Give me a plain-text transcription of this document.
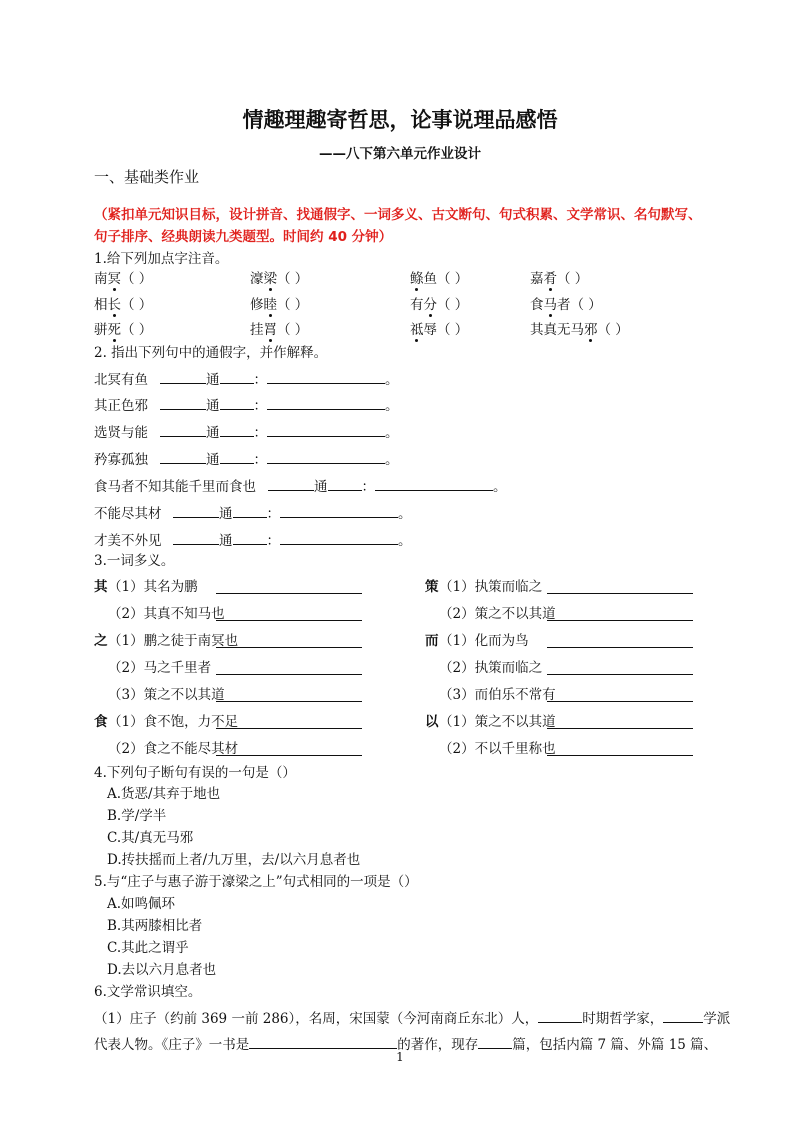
情趣理趣寄哲思，论事说理品感悟
——八下第六单元作业设计
一、基础类作业
（紧扣单元知识目标，设计拼音、找通假字、一词多义、古文断句、句式积累、文学常识、名句默写、
句子排序、经典朗读九类题型。时间约 40 分钟）
1.给下列加点字注音。
南冥（ ）	濠梁（ ）	鲦鱼（ ）	嘉肴（ ）
相长（ ）	修睦（ ）	有分（ ）	食马者（ ）
骈死（ ）	挂罥（ ）	祗辱（ ）	其真无马邪（ ）
2. 指出下列句中的通假字，并作解释。
北冥有鱼	通	：	。
其正色邪	通	：	。
选贤与能	通	：	。
矜寡孤独	通	：	。
食马者不知其能千里而食也	通	：	。
不能尽其材	通	：	。
才美不外见	通	：	。
3.一词多义。
其（1）其名为鹏
（2）其真不知马也
之（1）鹏之徒于南冥也
（2）马之千里者
（3）策之不以其道
食（1）食不饱，力不足
（2）食之不能尽其材
策（1）执策而临之
（2）策之不以其道
而（1）化而为鸟
（2）执策而临之
（3）而伯乐不常有
以（1）策之不以其道
（2）不以千里称也
4.下列句子断句有误的一句是（）
A.货恶/其弃于地也
B.学/学半
C.其/真无马邪
D.抟扶摇而上者/九万里，去/以六月息者也
5.与“庄子与惠子游于濠梁之上”句式相同的一项是（）
A.如鸣佩环
B.其两膝相比者
C.其此之谓乎
D.去以六月息者也
6.文学常识填空。
（1）庄子（约前 369 一前 286），名周，宋国蒙（今河南商丘东北）人，	时期哲学家，	学派
代表人物。《庄子》一书是	的著作，现存	篇，包括内篇 7 篇、外篇 15 篇、
1
